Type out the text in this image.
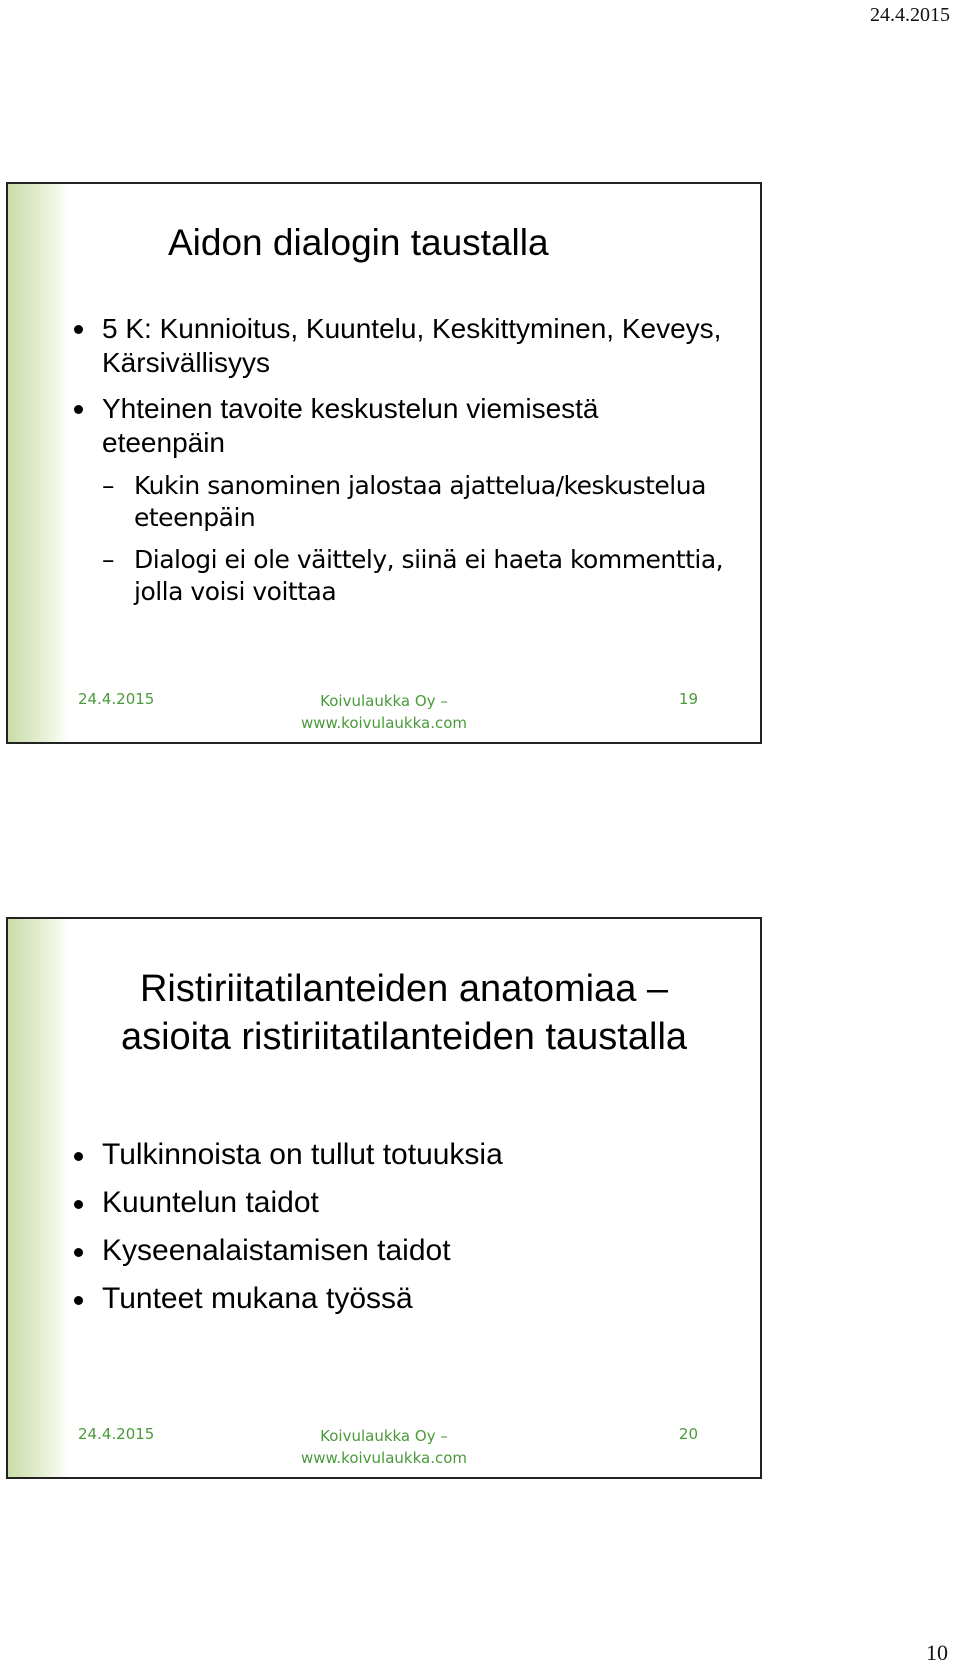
24.4.2015
Aidon dialogin taustalla
5 K: Kunnioitus, Kuuntelu, Keskittyminen, Keveys, Kärsivällisyys
Yhteinen tavoite keskustelun viemisestä eteenpäin
– Kukin sanominen jalostaa ajattelua/keskustelua eteenpäin
– Dialogi ei ole väittely, siinä ei haeta kommenttia, jolla voisi voittaa
24.4.2015	Koivulaukka Oy –
www.koivulaukka.com
19
Ristiriitatilanteiden anatomiaa –
asioita ristiriitatilanteiden taustalla
Tulkinnoista on tullut totuuksia
Kuuntelun taidot
Kyseenalaistamisen taidot
Tunteet mukana työssä
24.4.2015	Koivulaukka Oy –
www.koivulaukka.com
20
10
